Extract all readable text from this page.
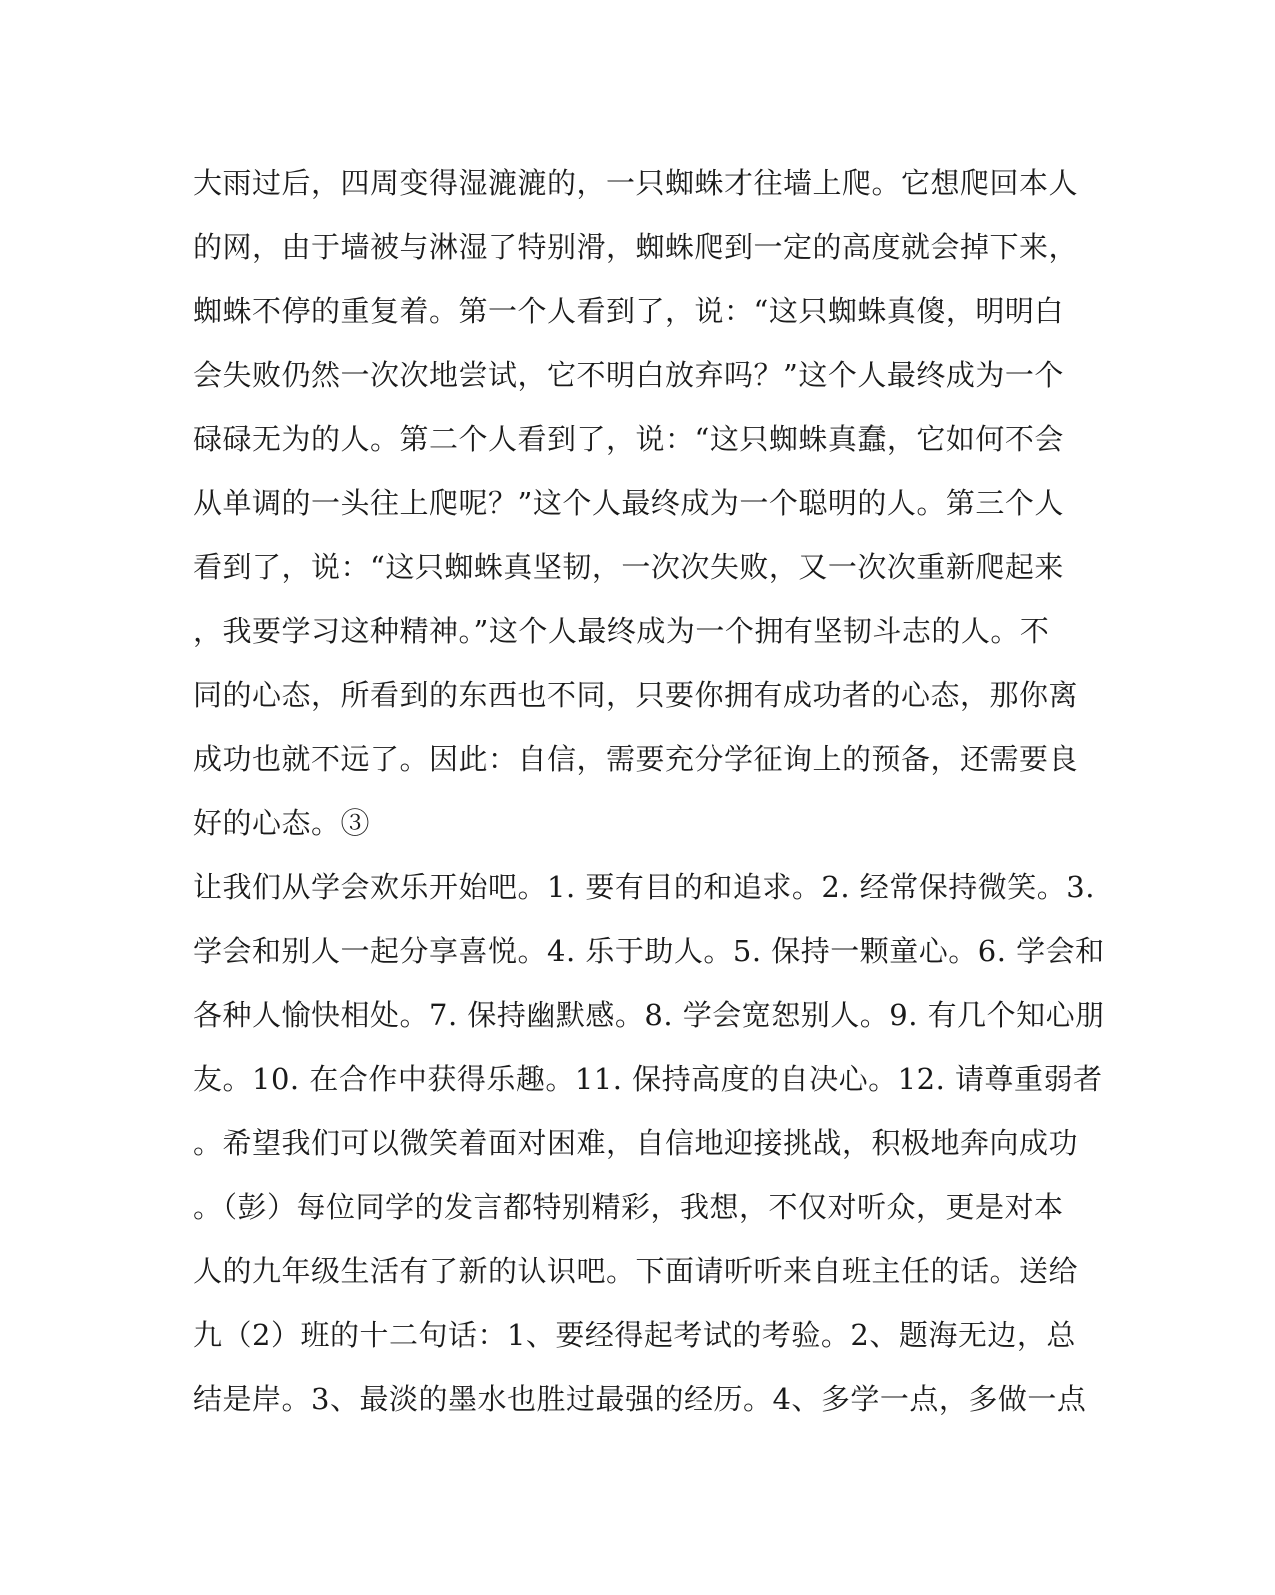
大雨过后，四周变得湿漉漉的，一只蜘蛛才往墙上爬。它想爬回本人
的网，由于墙被与淋湿了特别滑，蜘蛛爬到一定的高度就会掉下来，
蜘蛛不停的重复着。第一个人看到了，说：“这只蜘蛛真傻，明明白
会失败仍然一次次地尝试，它不明白放弃吗？”这个人最终成为一个
碌碌无为的人。第二个人看到了，说：“这只蜘蛛真蠢，它如何不会
从单调的一头往上爬呢？”这个人最终成为一个聪明的人。第三个人
看到了，说：“这只蜘蛛真坚韧，一次次失败，又一次次重新爬起来
，我要学习这种精神。”这个人最终成为一个拥有坚韧斗志的人。不
同的心态，所看到的东西也不同，只要你拥有成功者的心态，那你离
成功也就不远了。因此：自信，需要充分学征询上的预备，还需要良
好的心态。③
让我们从学会欢乐开始吧。1. 要有目的和追求。2. 经常保持微笑。3.
学会和别人一起分享喜悦。4. 乐于助人。5. 保持一颗童心。6. 学会和
各种人愉快相处。7. 保持幽默感。8. 学会宽恕别人。9. 有几个知心朋
友。10. 在合作中获得乐趣。11. 保持高度的自决心。12. 请尊重弱者
。希望我们可以微笑着面对困难，自信地迎接挑战，积极地奔向成功
。（彭）每位同学的发言都特别精彩，我想，不仅对听众，更是对本
人的九年级生活有了新的认识吧。下面请听听来自班主任的话。送给
九（2）班的十二句话：1、要经得起考试的考验。2、题海无边，总
结是岸。3、最淡的墨水也胜过最强的经历。4、多学一点，多做一点
